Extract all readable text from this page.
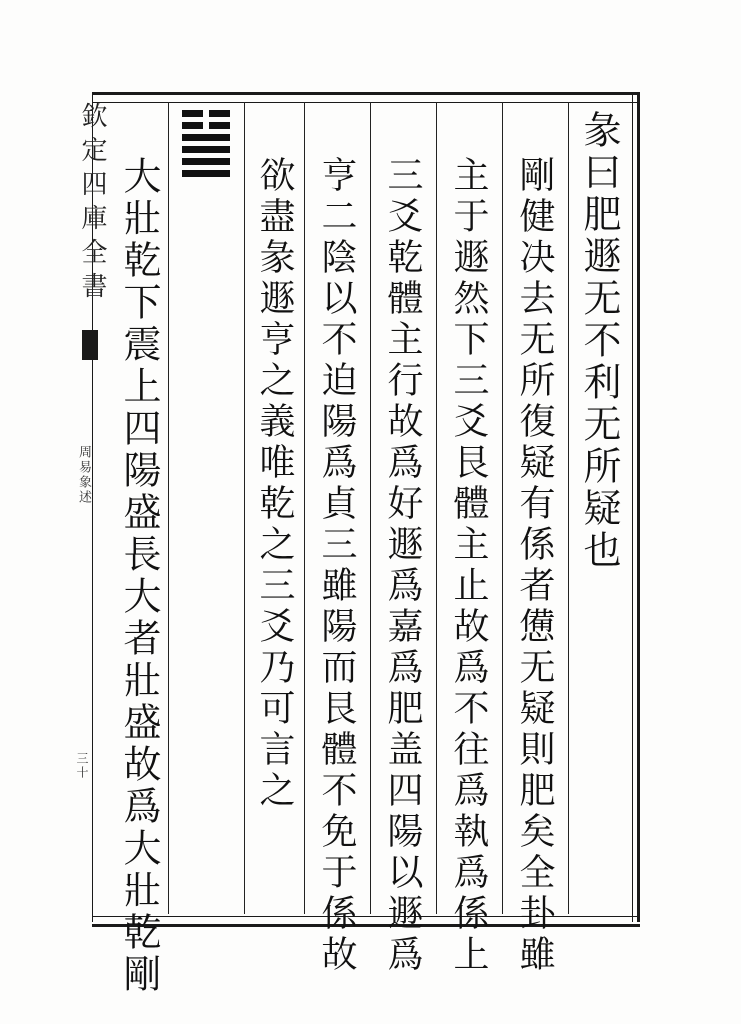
欽定四庫全書
周易象述
三十
彖曰肥遯无不利无所疑也
剛健决去无所復疑有係者憊无疑則肥矣全卦雖
主于遯然下三爻艮體主止故爲不往爲執爲係上
三爻乾體主行故爲好遯爲嘉爲肥盖四陽以遯爲
亨二陰以不迫陽爲貞三雖陽而艮體不免于係故
欲盡彖遯亨之義唯乾之三爻乃可言之
大壯乾下震上四陽盛長大者壯盛故爲大壯乾剛
